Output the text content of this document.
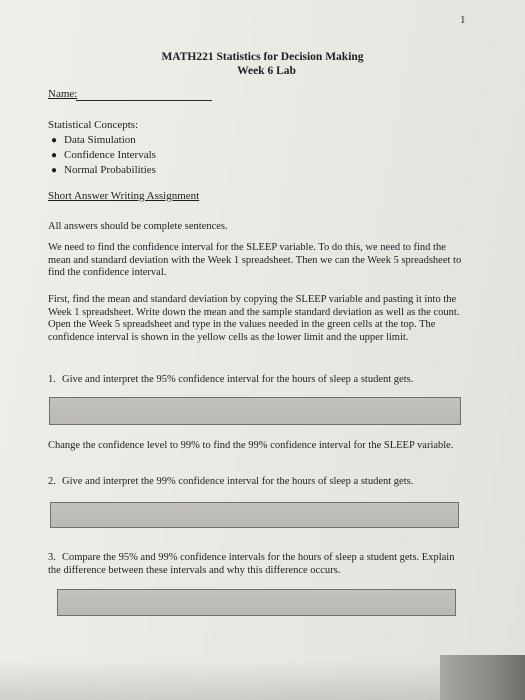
1
MATH221 Statistics for Decision Making
Week 6 Lab
Name:
Statistical Concepts:
● Data Simulation
● Confidence Intervals
● Normal Probabilities
Short Answer Writing Assignment
All answers should be complete sentences.
We need to find the confidence interval for the SLEEP variable. To do this, we need to find the mean and standard deviation with the Week 1 spreadsheet. Then we can the Week 5 spreadsheet to find the confidence interval.
First, find the mean and standard deviation by copying the SLEEP variable and pasting it into the Week 1 spreadsheet. Write down the mean and the sample standard deviation as well as the count. Open the Week 5 spreadsheet and type in the values needed in the green cells at the top. The confidence interval is shown in the yellow cells as the lower limit and the upper limit.
1. Give and interpret the 95% confidence interval for the hours of sleep a student gets.
Change the confidence level to 99% to find the 99% confidence interval for the SLEEP variable.
2. Give and interpret the 99% confidence interval for the hours of sleep a student gets.
3. Compare the 95% and 99% confidence intervals for the hours of sleep a student gets. Explain the difference between these intervals and why this difference occurs.
